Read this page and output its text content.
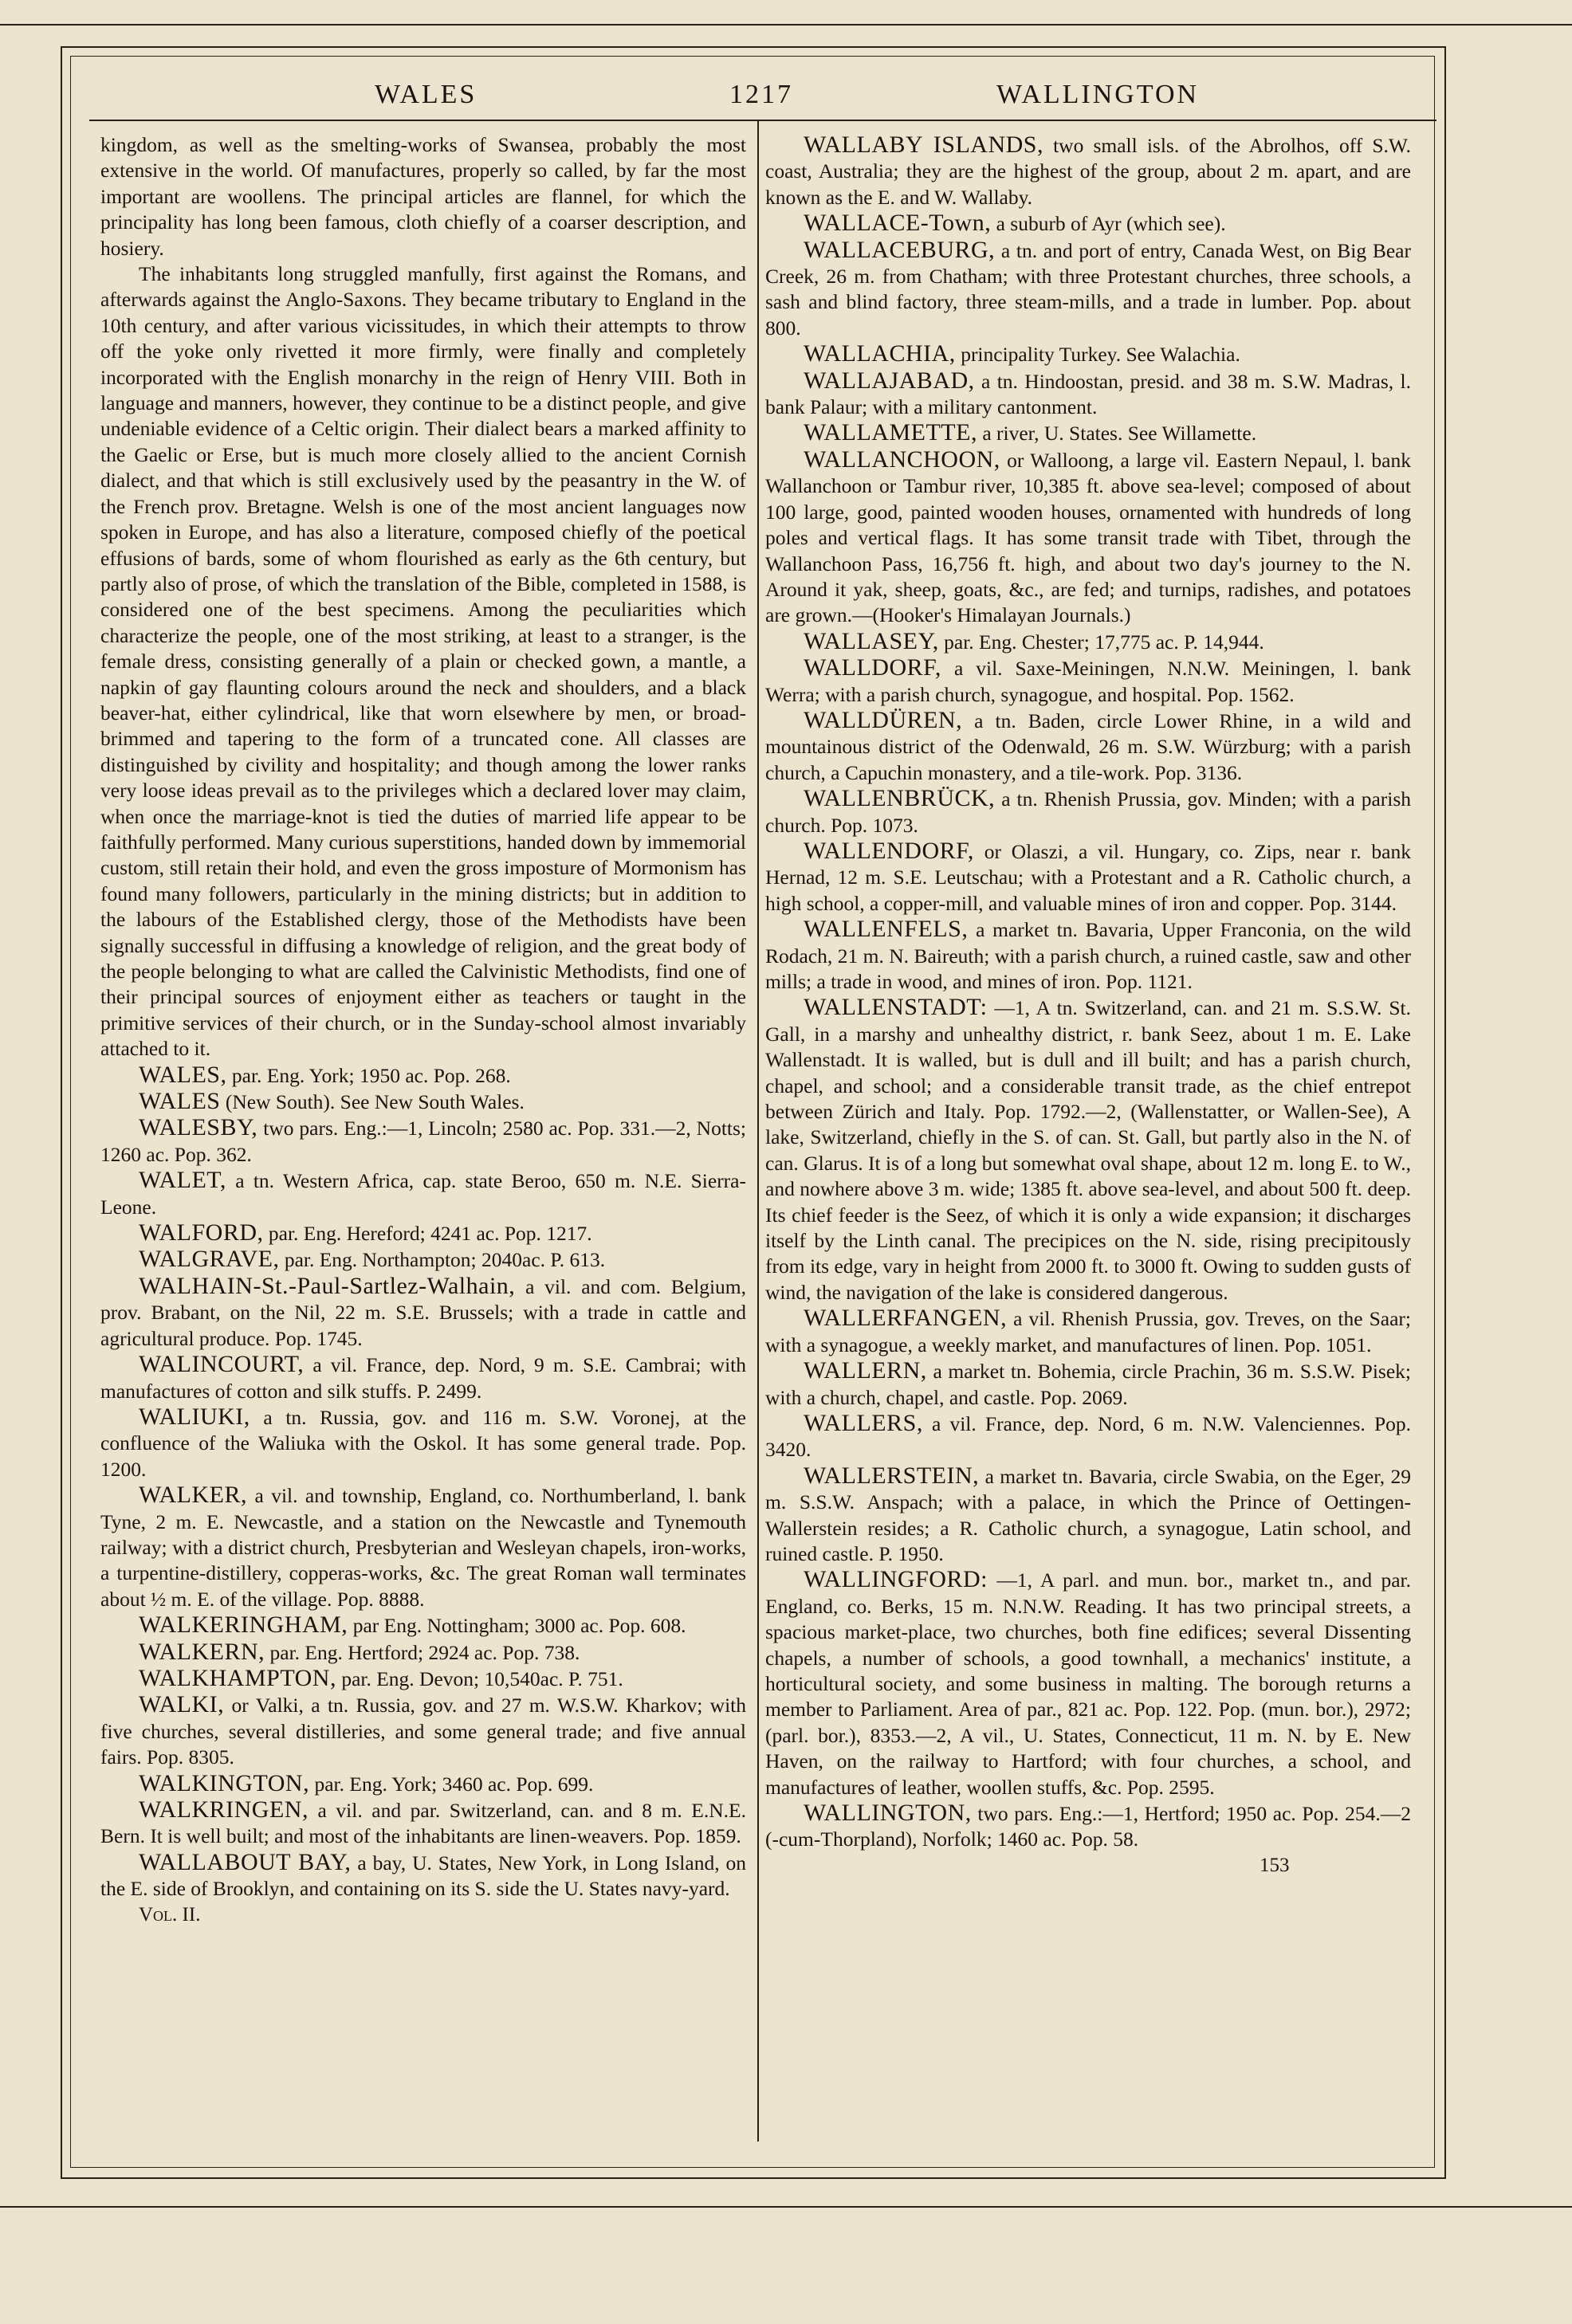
WALES	1217	WALLINGTON

kingdom, as well as the smelting-works of Swansea, probably the most extensive in the world. Of manufactures, properly so called, by far the most important are woollens. The principal articles are flannel, for which the principality has long been famous, cloth chiefly of a coarser description, and hosiery.

The inhabitants long struggled manfully, first against the Romans, and afterwards against the Anglo-Saxons. They became tributary to England in the 10th century, and after various vicissitudes, in which their attempts to throw off the yoke only rivetted it more firmly, were finally and completely incorporated with the English monarchy in the reign of Henry VIII. Both in language and manners, however, they continue to be a distinct people, and give undeniable evidence of a Celtic origin. Their dialect bears a marked affinity to the Gaelic or Erse, but is much more closely allied to the ancient Cornish dialect, and that which is still exclusively used by the peasantry in the W. of the French prov. Bretagne. Welsh is one of the most ancient languages now spoken in Europe, and has also a literature, composed chiefly of the poetical effusions of bards, some of whom flourished as early as the 6th century, but partly also of prose, of which the translation of the Bible, completed in 1588, is considered one of the best specimens. Among the peculiarities which characterize the people, one of the most striking, at least to a stranger, is the female dress, consisting generally of a plain or checked gown, a mantle, a napkin of gay flaunting colours around the neck and shoulders, and a black beaver-hat, either cylindrical, like that worn elsewhere by men, or broad-brimmed and tapering to the form of a truncated cone. All classes are distinguished by civility and hospitality; and though among the lower ranks very loose ideas prevail as to the privileges which a declared lover may claim, when once the marriage-knot is tied the duties of married life appear to be faithfully performed. Many curious superstitions, handed down by immemorial custom, still retain their hold, and even the gross imposture of Mormonism has found many followers, particularly in the mining districts; but in addition to the labours of the Established clergy, those of the Methodists have been signally successful in diffusing a knowledge of religion, and the great body of the people belonging to what are called the Calvinistic Methodists, find one of their principal sources of enjoyment either as teachers or taught in the primitive services of their church, or in the Sunday-school almost invariably attached to it.

WALES, par. Eng. York; 1950 ac. Pop. 268.

WALES (New South). See New South Wales.

WALESBY, two pars. Eng.:—1, Lincoln; 2580 ac. Pop. 331.—2, Notts; 1260 ac. Pop. 362.

WALET, a tn. Western Africa, cap. state Beroo, 650 m. N.E. Sierra-Leone.

WALFORD, par. Eng. Hereford; 4241 ac. Pop. 1217.

WALGRAVE, par. Eng. Northampton; 2040ac. P. 613.

WALHAIN-St.-Paul-Sartlez-Walhain, a vil. and com. Belgium, prov. Brabant, on the Nil, 22 m. S.E. Brussels; with a trade in cattle and agricultural produce. Pop. 1745.

WALINCOURT, a vil. France, dep. Nord, 9 m. S.E. Cambrai; with manufactures of cotton and silk stuffs. P. 2499.

WALIUKI, a tn. Russia, gov. and 116 m. S.W. Voronej, at the confluence of the Waliuka with the Oskol. It has some general trade. Pop. 1200.

WALKER, a vil. and township, England, co. Northumberland, l. bank Tyne, 2 m. E. Newcastle, and a station on the Newcastle and Tynemouth railway; with a district church, Presbyterian and Wesleyan chapels, iron-works, a turpentine-distillery, copperas-works, &c. The great Roman wall terminates about ½ m. E. of the village. Pop. 8888.

WALKERINGHAM, par Eng. Nottingham; 3000 ac. Pop. 608.

WALKERN, par. Eng. Hertford; 2924 ac. Pop. 738.

WALKHAMPTON, par. Eng. Devon; 10,540ac. P. 751.

WALKI, or Valki, a tn. Russia, gov. and 27 m. W.S.W. Kharkov; with five churches, several distilleries, and some general trade; and five annual fairs. Pop. 8305.

WALKINGTON, par. Eng. York; 3460 ac. Pop. 699.

WALKRINGEN, a vil. and par. Switzerland, can. and 8 m. E.N.E. Bern. It is well built; and most of the inhabitants are linen-weavers. Pop. 1859.

WALLABOUT BAY, a bay, U. States, New York, in Long Island, on the E. side of Brooklyn, and containing on its S. side the U. States navy-yard.

Vol. II.

WALLABY ISLANDS, two small isls. of the Abrolhos, off S.W. coast, Australia; they are the highest of the group, about 2 m. apart, and are known as the E. and W. Wallaby.

WALLACE-Town, a suburb of Ayr (which see).

WALLACEBURG, a tn. and port of entry, Canada West, on Big Bear Creek, 26 m. from Chatham; with three Protestant churches, three schools, a sash and blind factory, three steam-mills, and a trade in lumber. Pop. about 800.

WALLACHIA, principality Turkey. See Walachia.

WALLAJABAD, a tn. Hindoostan, presid. and 38 m. S.W. Madras, l. bank Palaur; with a military cantonment.

WALLAMETTE, a river, U. States. See Willamette.

WALLANCHOON, or Walloong, a large vil. Eastern Nepaul, l. bank Wallanchoon or Tambur river, 10,385 ft. above sea-level; composed of about 100 large, good, painted wooden houses, ornamented with hundreds of long poles and vertical flags. It has some transit trade with Tibet, through the Wallanchoon Pass, 16,756 ft. high, and about two day's journey to the N. Around it yak, sheep, goats, &c., are fed; and turnips, radishes, and potatoes are grown.—(Hooker's Himalayan Journals.)

WALLASEY, par. Eng. Chester; 17,775 ac. P. 14,944.

WALLDORF, a vil. Saxe-Meiningen, N.N.W. Meiningen, l. bank Werra; with a parish church, synagogue, and hospital. Pop. 1562.

WALLDÜREN, a tn. Baden, circle Lower Rhine, in a wild and mountainous district of the Odenwald, 26 m. S.W. Würzburg; with a parish church, a Capuchin monastery, and a tile-work. Pop. 3136.

WALLENBRÜCK, a tn. Rhenish Prussia, gov. Minden; with a parish church. Pop. 1073.

WALLENDORF, or Olaszi, a vil. Hungary, co. Zips, near r. bank Hernad, 12 m. S.E. Leutschau; with a Protestant and a R. Catholic church, a high school, a copper-mill, and valuable mines of iron and copper. Pop. 3144.

WALLENFELS, a market tn. Bavaria, Upper Franconia, on the wild Rodach, 21 m. N. Baireuth; with a parish church, a ruined castle, saw and other mills; a trade in wood, and mines of iron. Pop. 1121.

WALLENSTADT: —1, A tn. Switzerland, can. and 21 m. S.S.W. St. Gall, in a marshy and unhealthy district, r. bank Seez, about 1 m. E. Lake Wallenstadt. It is walled, but is dull and ill built; and has a parish church, chapel, and school; and a considerable transit trade, as the chief entrepot between Zürich and Italy. Pop. 1792.—2, (Wallenstatter, or Wallen-See), A lake, Switzerland, chiefly in the S. of can. St. Gall, but partly also in the N. of can. Glarus. It is of a long but somewhat oval shape, about 12 m. long E. to W., and nowhere above 3 m. wide; 1385 ft. above sea-level, and about 500 ft. deep. Its chief feeder is the Seez, of which it is only a wide expansion; it discharges itself by the Linth canal. The precipices on the N. side, rising precipitously from its edge, vary in height from 2000 ft. to 3000 ft. Owing to sudden gusts of wind, the navigation of the lake is considered dangerous.

WALLERFANGEN, a vil. Rhenish Prussia, gov. Treves, on the Saar; with a synagogue, a weekly market, and manufactures of linen. Pop. 1051.

WALLERN, a market tn. Bohemia, circle Prachin, 36 m. S.S.W. Pisek; with a church, chapel, and castle. Pop. 2069.

WALLERS, a vil. France, dep. Nord, 6 m. N.W. Valenciennes. Pop. 3420.

WALLERSTEIN, a market tn. Bavaria, circle Swabia, on the Eger, 29 m. S.S.W. Anspach; with a palace, in which the Prince of Oettingen-Wallerstein resides; a R. Catholic church, a synagogue, Latin school, and ruined castle. P. 1950.

WALLINGFORD: —1, A parl. and mun. bor., market tn., and par. England, co. Berks, 15 m. N.N.W. Reading. It has two principal streets, a spacious market-place, two churches, both fine edifices; several Dissenting chapels, a number of schools, a good townhall, a mechanics' institute, a horticultural society, and some business in malting. The borough returns a member to Parliament. Area of par., 821 ac. Pop. 122. Pop. (mun. bor.), 2972; (parl. bor.), 8353.—2, A vil., U. States, Connecticut, 11 m. N. by E. New Haven, on the railway to Hartford; with four churches, a school, and manufactures of leather, woollen stuffs, &c. Pop. 2595.

WALLINGTON, two pars. Eng.:—1, Hertford; 1950 ac. Pop. 254.—2 (-cum-Thorpland), Norfolk; 1460 ac. Pop. 58.

153
